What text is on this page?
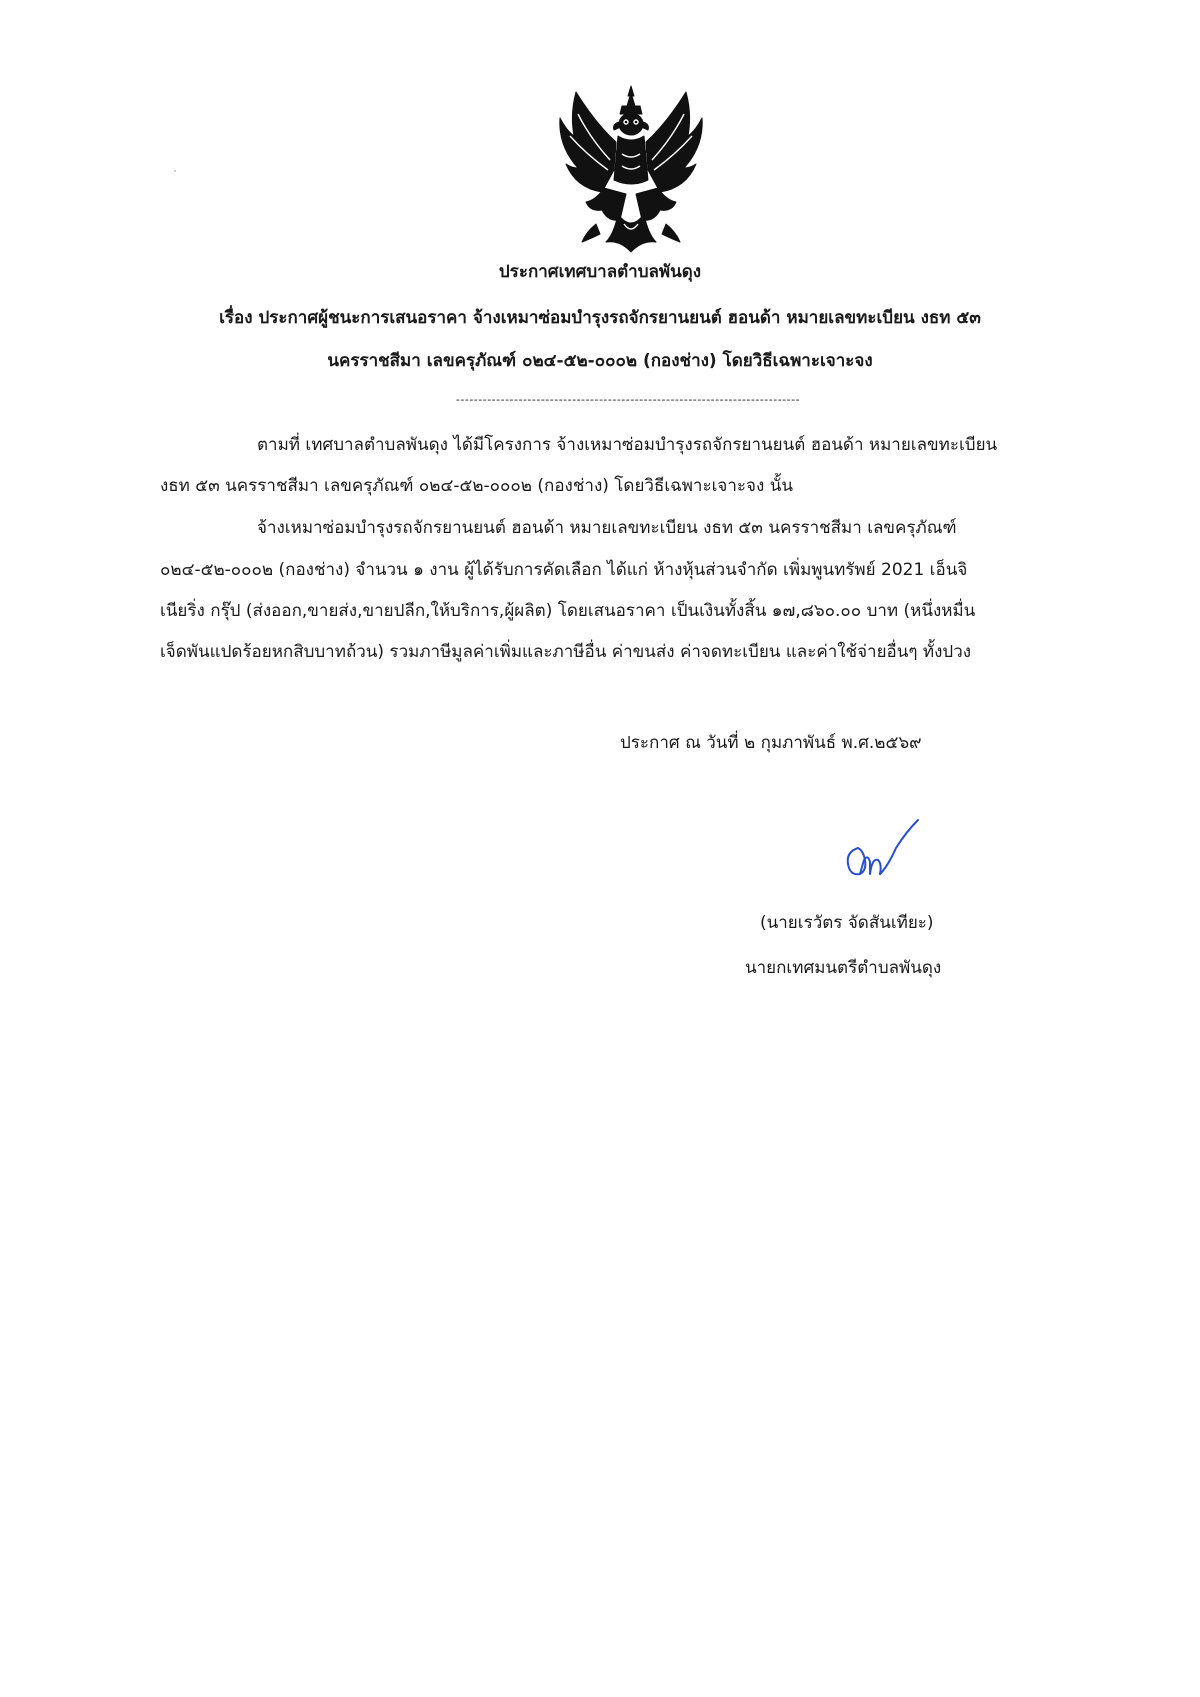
ประกาศเทศบาลตำบลพันดุง
เรื่อง ประกาศผู้ชนะการเสนอราคา จ้างเหมาซ่อมบำรุงรถจักรยานยนต์ ฮอนด้า หมายเลขทะเบียน งธท ๕๓
นครราชสีมา เลขครุภัณฑ์ ๐๒๔-๕๒-๐๐๐๒ (กองช่าง) โดยวิธีเฉพาะเจาะจง
-----------------------------------------------------------------------------
ตามที่ เทศบาลตำบลพันดุง ได้มีโครงการ จ้างเหมาซ่อมบำรุงรถจักรยานยนต์ ฮอนด้า หมายเลขทะเบียน
งธท ๕๓ นครราชสีมา เลขครุภัณฑ์ ๐๒๔-๕๒-๐๐๐๒ (กองช่าง) โดยวิธีเฉพาะเจาะจง นั้น
จ้างเหมาซ่อมบำรุงรถจักรยานยนต์ ฮอนด้า หมายเลขทะเบียน งธท ๕๓ นครราชสีมา เลขครุภัณฑ์
๐๒๔-๕๒-๐๐๐๒ (กองช่าง) จำนวน ๑ งาน ผู้ได้รับการคัดเลือก ได้แก่ ห้างหุ้นส่วนจำกัด เพิ่มพูนทรัพย์ 2021 เอ็นจิ
เนียริ่ง กรุ๊ป (ส่งออก,ขายส่ง,ขายปลีก,ให้บริการ,ผู้ผลิต) โดยเสนอราคา เป็นเงินทั้งสิ้น ๑๗,๘๖๐.๐๐ บาท (หนึ่งหมื่น
เจ็ดพันแปดร้อยหกสิบบาทถ้วน) รวมภาษีมูลค่าเพิ่มและภาษีอื่น ค่าขนส่ง ค่าจดทะเบียน และค่าใช้จ่ายอื่นๆ ทั้งปวง
ประกาศ ณ วันที่ ๒ กุมภาพันธ์ พ.ศ.๒๕๖๙
(นายเรวัตร จัดสันเทียะ)
นายกเทศมนตรีตำบลพันดุง
